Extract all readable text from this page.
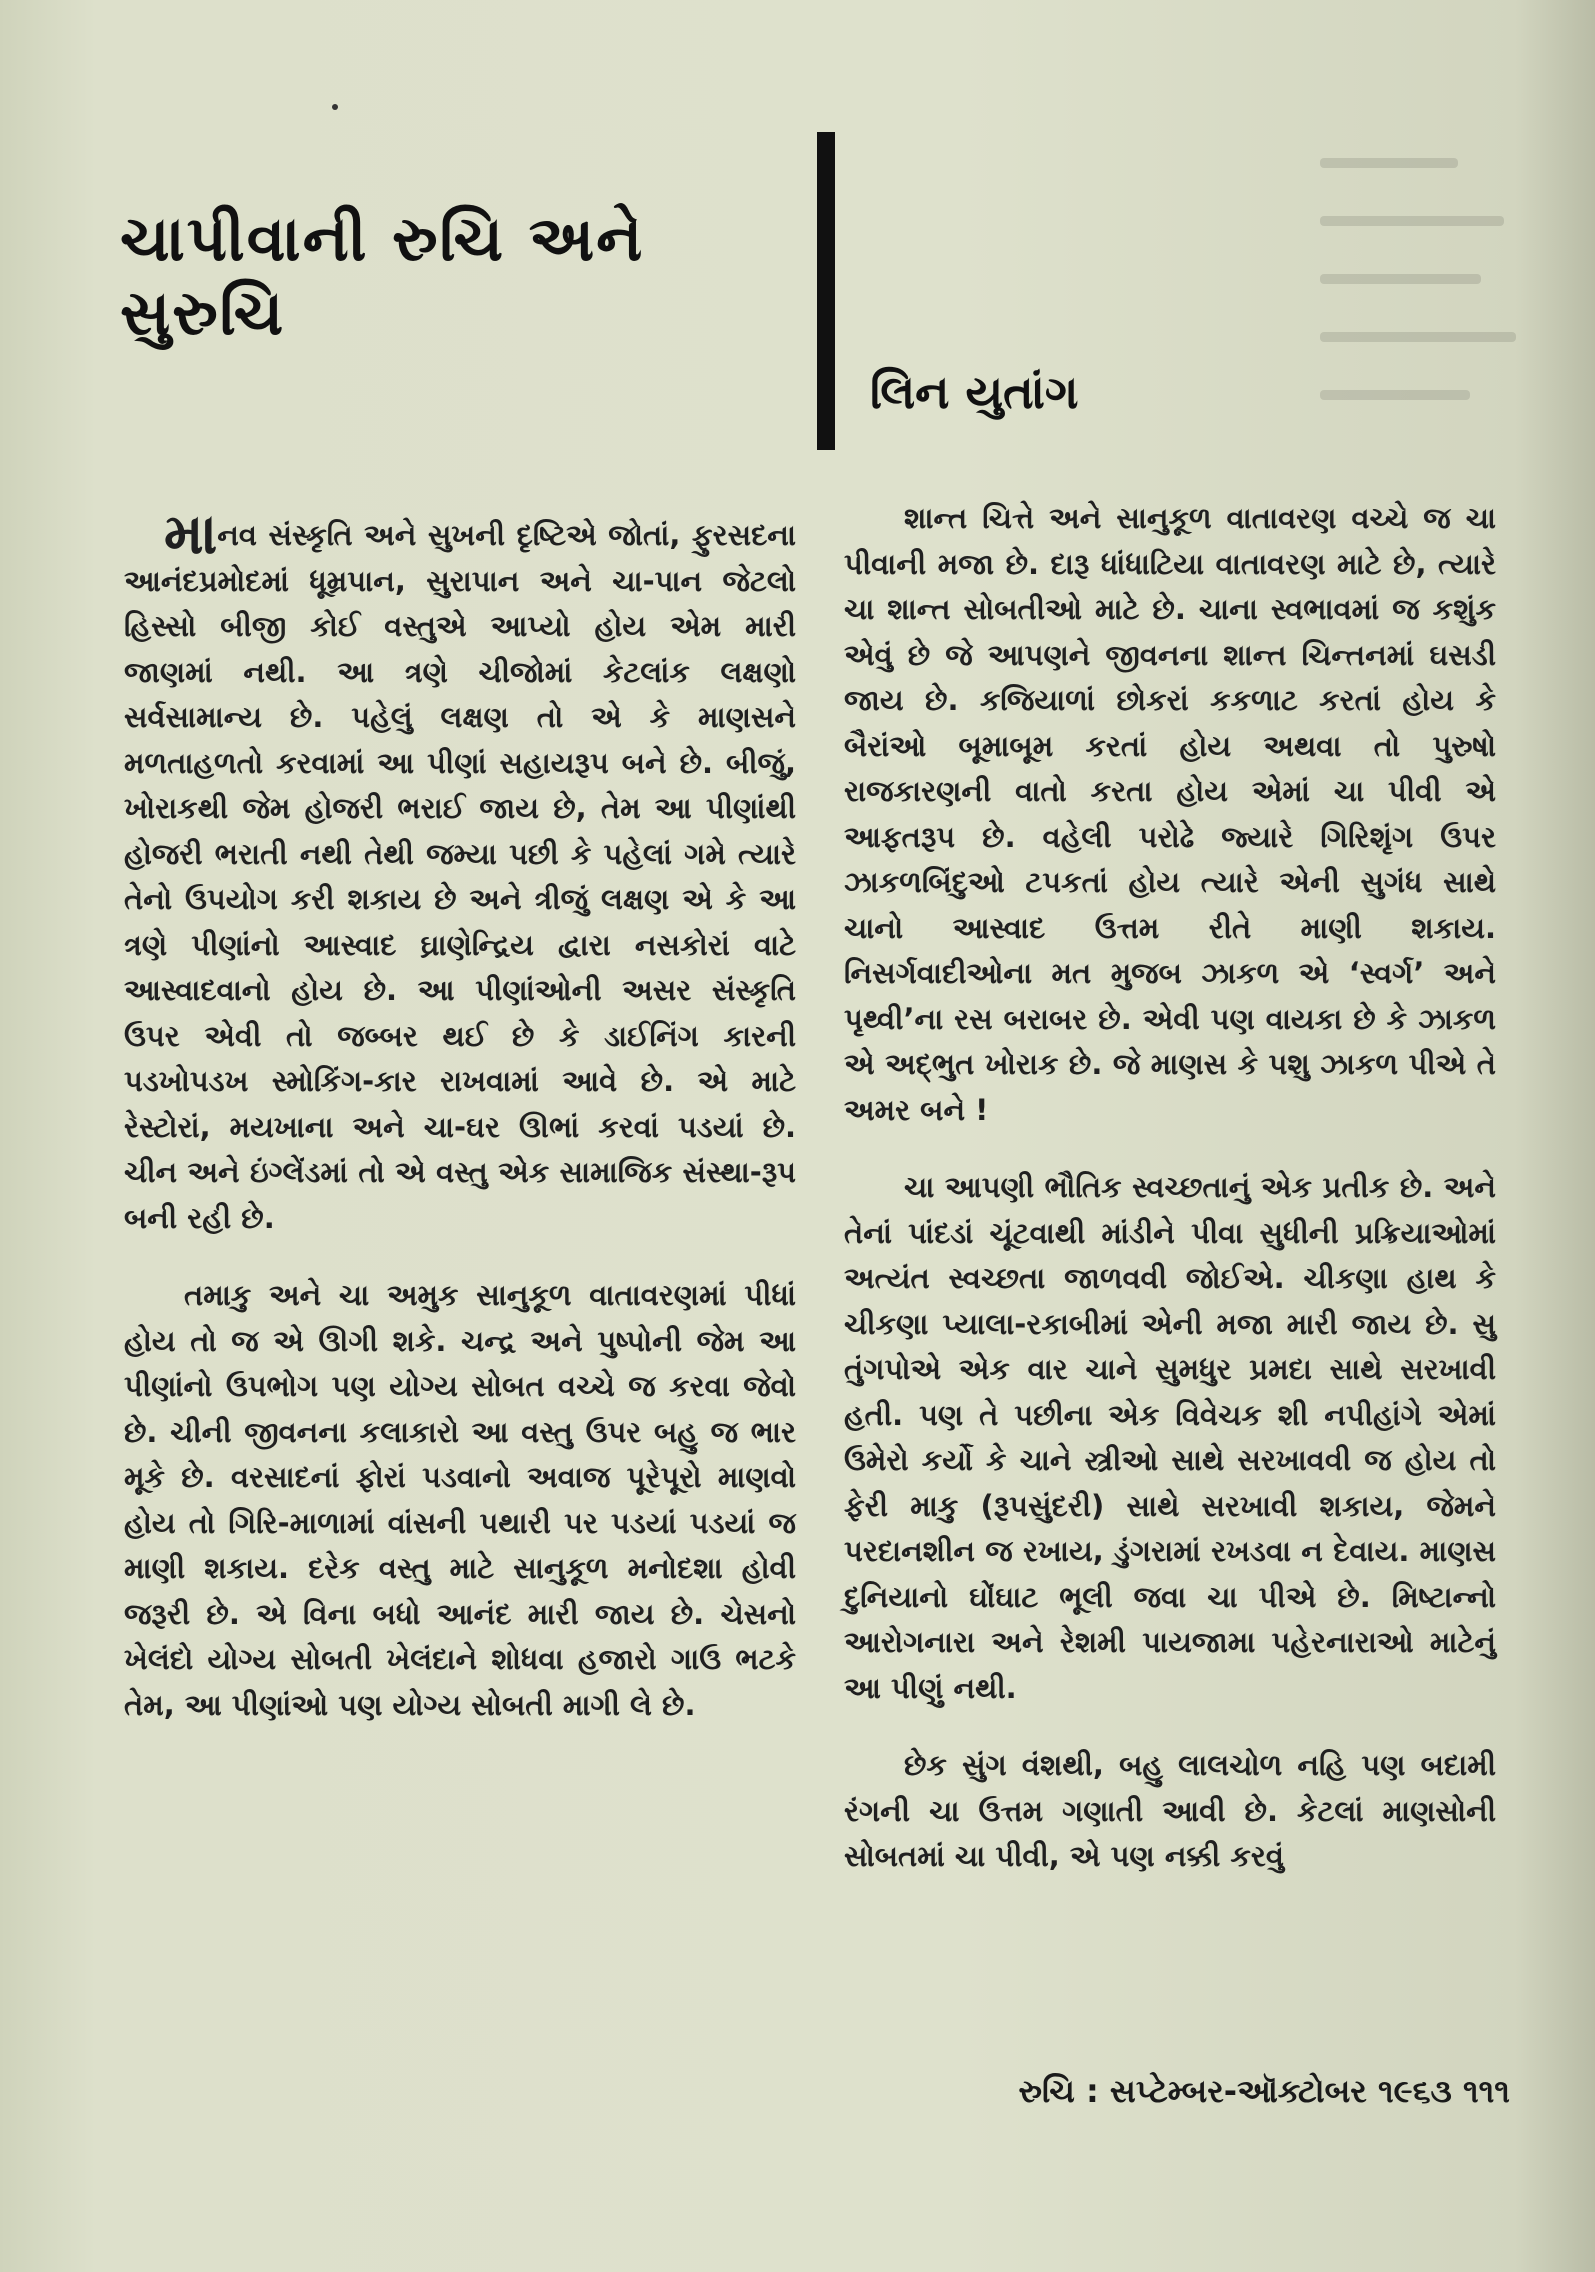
ચાપીવાની રુચિ અને સુરુચિ
લિન યુતાંગ

માનવ સંસ્કૃતિ અને સુખની દૃષ્ટિએ જોતાં, ફુરસદના આનંદપ્રમોદમાં ધૂમ્રપાન, સુરાપાન અને ચા-પાન જેટલો હિસ્સો બીજી કોઈ વસ્તુએ આપ્યો હોય એમ મારી જાણમાં નથી. આ ત્રણે ચીજોમાં કેટલાંક લક્ષણો સર્વસામાન્ય છે. પહેલું લક્ષણ તો એ કે માણસને મળતાહળતો કરવામાં આ પીણાં સહાયરૂપ બને છે. બીજું, ખોરાકથી જેમ હોજરી ભરાઈ જાય છે, તેમ આ પીણાંથી હોજરી ભરાતી નથી તેથી જમ્યા પછી કે પહેલાં ગમે ત્યારે તેનો ઉપયોગ કરી શકાય છે અને ત્રીજું લક્ષણ એ કે આ ત્રણે પીણાંનો આસ્વાદ ઘ્રાણેન્દ્રિય દ્વારા નસકોરાં વાટે આસ્વાદવાનો હોય છે. આ પીણાંઓની અસર સંસ્કૃતિ ઉપર એવી તો જબ્બર થઈ છે કે ડાઈનિંગ કારની પડખોપડખ સ્મોકિંગ-કાર રાખવામાં આવે છે. એ માટે રેસ્ટોરાં, મયખાના અને ચા-ઘર ઊભાં કરવાં પડયાં છે. ચીન અને ઇંગ્લેંડમાં તો એ વસ્તુ એક સામાજિક સંસ્થા-રૂપ બની રહી છે.

તમાકુ અને ચા અમુક સાનુકૂળ વાતાવરણમાં પીધાં હોય તો જ એ ઊગી શકે. ચન્દ્ર અને પુષ્પોની જેમ આ પીણાંનો ઉપભોગ પણ યોગ્ય સોબત વચ્ચે જ કરવા જેવો છે. ચીની જીવનના કલાકારો આ વસ્તુ ઉપર બહુ જ ભાર મૂકે છે. વરસાદનાં ફોરાં પડવાનો અવાજ પૂરેપૂરો માણવો હોય તો ગિરિ-માળામાં વાંસની પથારી પર પડયાં પડયાં જ માણી શકાય. દરેક વસ્તુ માટે સાનુકૂળ મનોદશા હોવી જરૂરી છે. એ વિના બધો આનંદ મારી જાય છે. ચેસનો ખેલંદો યોગ્ય સોબતી ખેલંદાને શોધવા હજારો ગાઉ ભટકે તેમ, આ પીણાંઓ પણ યોગ્ય સોબતી માગી લે છે.

શાન્ત ચિત્તે અને સાનુકૂળ વાતાવરણ વચ્ચે જ ચા પીવાની મજા છે. દારૂ ધાંધાટિયા વાતાવરણ માટે છે, ત્યારે ચા શાન્ત સોબતીઓ માટે છે. ચાના સ્વભાવમાં જ કશુંક એવું છે જે આપણને જીવનના શાન્ત ચિન્તનમાં ઘસડી જાય છે. કજિયાળાં છોકરાં કકળાટ કરતાં હોય કે બૈરાંઓ બૂમાબૂમ કરતાં હોય અથવા તો પુરુષો રાજકારણની વાતો કરતા હોય એમાં ચા પીવી એ આફતરૂપ છે. વહેલી પરોઢે જ્યારે ગિરિશૃંગ ઉપર ઝાકળબિંદુઓ ટપકતાં હોય ત્યારે એની સુગંધ સાથે ચાનો આસ્વાદ ઉત્તમ રીતે માણી શકાય. નિસર્ગવાદીઓના મત મુજબ ઝાકળ એ ‘સ્વર્ગ’ અને પૃથ્વી’ના રસ બરાબર છે. એવી પણ વાયકા છે કે ઝાકળ એ અદ્ભુત ખોરાક છે. જે માણસ કે પશુ ઝાકળ પીએ તે અમર બને !

ચા આપણી ભૌતિક સ્વચ્છતાનું એક પ્રતીક છે. અને તેનાં પાંદડાં ચૂંટવાથી માંડીને પીવા સુધીની પ્રક્રિયાઓમાં અત્યંત સ્વચ્છતા જાળવવી જોઈએ. ચીકણા હાથ કે ચીકણા પ્યાલા-રકાબીમાં એની મજા મારી જાય છે. સુ તુંગપોએ એક વાર ચાને સુમધુર પ્રમદા સાથે સરખાવી હતી. પણ તે પછીના એક વિવેચક શી નપીહાંગે એમાં ઉમેરો કર્યો કે ચાને સ્ત્રીઓ સાથે સરખાવવી જ હોય તો ફેરી માકુ (રૂપસુંદરી) સાથે સરખાવી શકાય, જેમને પરદાનશીન જ રખાય, ડુંગરામાં રખડવા ન દેવાય. માણસ દુનિયાનો ઘોંઘાટ ભૂલી જવા ચા પીએ છે. મિષ્ટાન્નો આરોગનારા અને રેશમી પાયજામા પહેરનારાઓ માટેનું આ પીણું નથી.

છેક સુંગ વંશથી, બહુ લાલચોળ નહિ પણ બદામી રંગની ચા ઉત્તમ ગણાતી આવી છે. કેટલાં માણસોની સોબતમાં ચા પીવી, એ પણ નક્કી કરવું

રુચિ : સપ્ટેમ્બર-ઑક્ટોબર ૧૯૬૩ ૧૧૧
